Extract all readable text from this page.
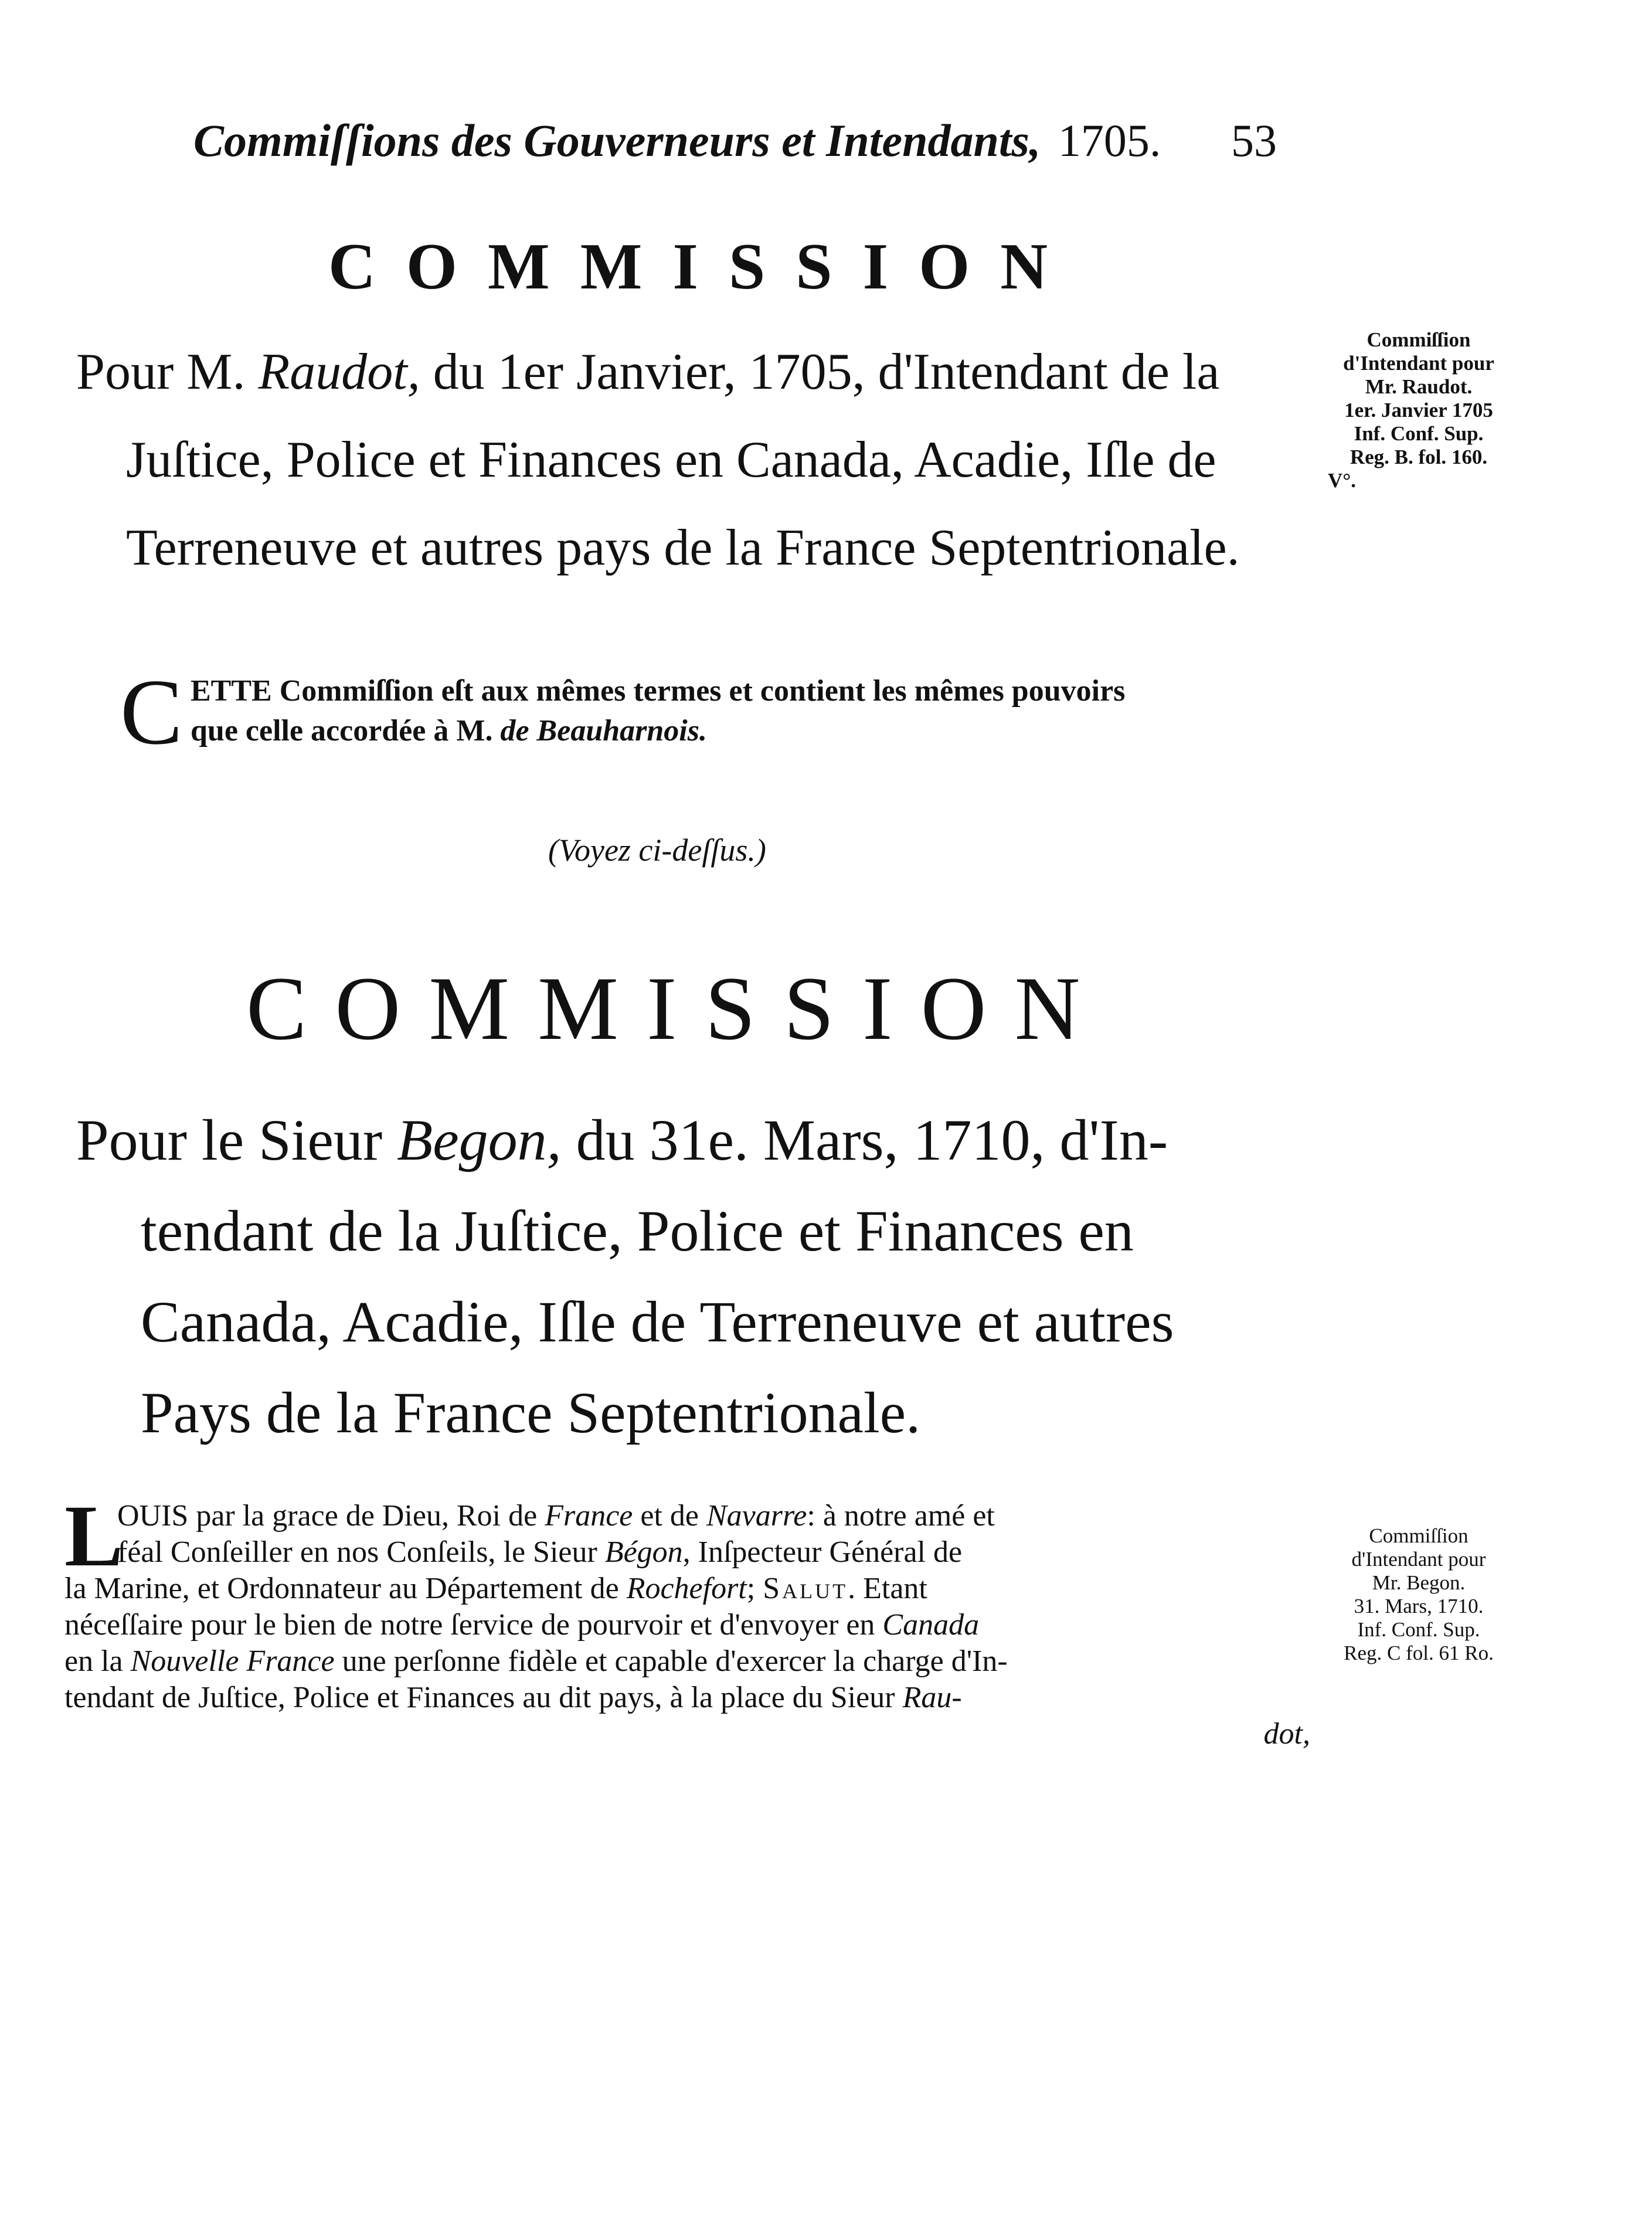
Commiſſions des Gouverneurs et Intendants, 1705. 53
COMMISSION
Pour M. Raudot, du 1er Janvier, 1705, d'Intendant de la
Juſtice, Police et Finances en Canada, Acadie, Iſle de
Terreneuve et autres pays de la France Septentrionale.
Commiſſion
d'Intendant pour
Mr. Raudot.
1er. Janvier 1705
Inf. Conf. Sup.
Reg. B. fol. 160.
V°.
C ETTE Commiſſion eſt aux mêmes termes et contient les mêmes pouvoirs
que celle accordée à M. de Beauharnois.
(Voyez ci-deſſus.)
COMMISSION
Pour le Sieur Begon, du 31e. Mars, 1710, d'In-
tendant de la Juſtice, Police et Finances en
Canada, Acadie, Iſle de Terreneuve et autres
Pays de la France Septentrionale.
Commiſſion
d'Intendant pour
Mr. Begon.
31. Mars, 1710.
Inf. Conf. Sup.
Reg. C fol. 61 Ro.
L
OUIS par la grace de Dieu, Roi de France et de Navarre: à notre amé et
féal Conſeiller en nos Conſeils, le Sieur Bégon, Inſpecteur Général de
la Marine, et Ordonnateur au Département de Rochefort; Salut. Etant
néceſſaire pour le bien de notre ſervice de pourvoir et d'envoyer en Canada
en la Nouvelle France une perſonne fidèle et capable d'exercer la charge d'In-
tendant de Juſtice, Police et Finances au dit pays, à la place du Sieur Rau-
dot,
